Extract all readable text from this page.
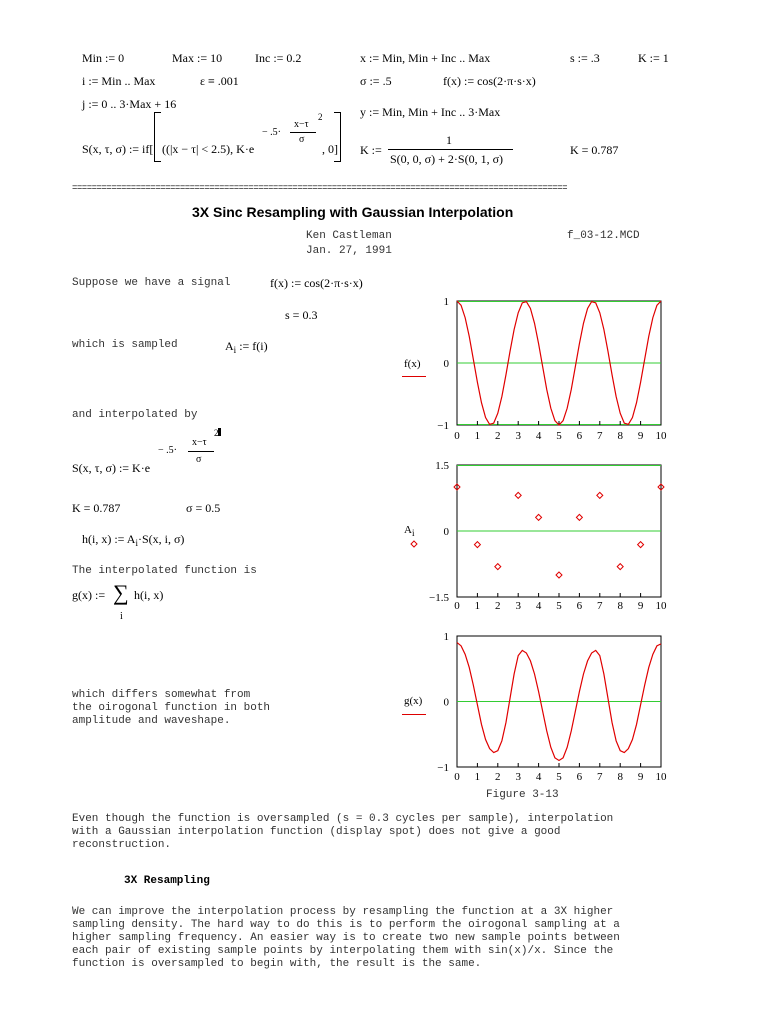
Min := 0	Max := 10	Inc := 0.2	x := Min, Min + Inc .. Max	s := .3	K := 1
i := Min .. Max	ε ≡ .001	σ := .5	f(x) := cos(2·π·s·x)
j := 0 .. 3·Max + 16
y := Min, Min + Inc .. 3·Max
S(x, τ, σ) := if[ ((|x − τ| < 2.5), K·e
− .5·
x−τ
σ
2
, 0] K :=
1
S(0, 0, σ) + 2·S(0, 1, σ)
K = 0.787
=====================================================================================================
3X Sinc Resampling with Gaussian Interpolation
Ken Castleman
Jan. 27, 1991
f_03-12.MCD
Suppose we have a signal	f(x) := cos(2·π·s·x)
s = 0.3
which is sampled	$A_i$ := f(i)
and interpolated by
S(x, τ, σ) := K·e
− .5·
x−τ
σ
2
K = 0.787	σ = 0.5
h(i, x) := $A_i\cdot S(x$, i, σ)
The interpolated function is
g(x) := ∑
i
h(i, x)
which differs somewhat from
the oirogonal function in both
amplitude and waveshape.
f(x)
$A_i$
g(x)
0 1 2 3 4 5 6 7 8 9 10
1
0
−1
0 1 2 3 4 5 6 7 8 9 10
1.5
0
−1.5
0 1 2 3 4 5 6 7 8 9 10
1
0
−1
Figure 3-13
Even though the function is oversampled (s = 0.3 cycles per sample), interpolation
with a Gaussian interpolation function (display spot) does not give a good
reconstruction.
3X Resampling
We can improve the interpolation process by resampling the function at a 3X higher
sampling density. The hard way to do this is to perform the oirogonal sampling at a
higher sampling frequency. An easier way is to create two new sample points between
each pair of existing sample points by interpolating them with sin(x)/x. Since the
function is oversampled to begin with, the result is the same.
